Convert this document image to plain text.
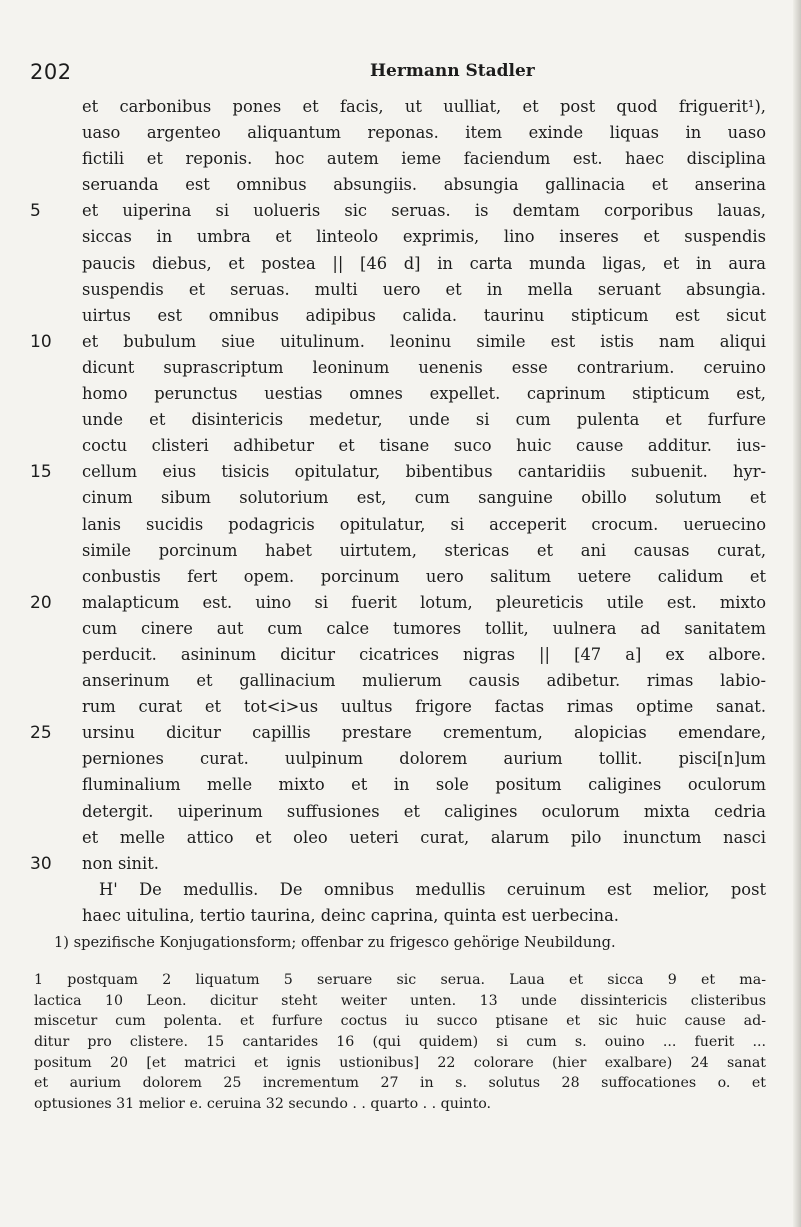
202	Hermann Stadler
et carbonibus pones et facis, ut uulliat, et post quod friguerit¹),
uaso argenteo aliquantum reponas. item exinde liquas in uaso
fictili et reponis. hoc autem ieme faciendum est. haec disciplina
seruanda est omnibus absungiis. absungia gallinacia et anserina
5	et uiperina si uolueris sic seruas. is demtam corporibus lauas,
siccas in umbra et linteolo exprimis, lino inseres et suspendis
paucis diebus, et postea || [46 d] in carta munda ligas, et in aura
suspendis et seruas. multi uero et in mella seruant absungia.
uirtus est omnibus adipibus calida. taurinu stipticum est sicut
10 et bubulum siue uitulinum. leoninu simile est istis nam aliqui
dicunt suprascriptum leoninum uenenis esse contrarium. ceruino
homo perunctus uestias omnes expellet. caprinum stipticum est,
unde et disintericis medetur, unde si cum pulenta et furfure
coctu clisteri adhibetur et tisane suco huic cause additur. ius-
15 cellum eius tisicis opitulatur, bibentibus cantaridiis subuenit. hyr-
cinum sibum solutorium est, cum sanguine obillo solutum et
lanis sucidis podagricis opitulatur, si acceperit crocum. ueruecino
simile porcinum habet uirtutem, stericas et ani causas curat,
conbustis fert opem. porcinum uero salitum uetere calidum et
20 malapticum est. uino si fuerit lotum, pleureticis utile est. mixto
cum cinere aut cum calce tumores tollit, uulnera ad sanitatem
perducit. asininum dicitur cicatrices nigras || [47 a] ex albore.
anserinum et gallinacium mulierum causis adibetur. rimas labio-
rum curat et tot<i>us uultus frigore factas rimas optime sanat.
25 ursinu dicitur capillis prestare crementum, alopicias emendare,
perniones curat. uulpinum dolorem aurium tollit. pisci[n]um
fluminalium melle mixto et in sole positum caligines oculorum
detergit. uiperinum suffusiones et caligines oculorum mixta cedria
et melle attico et oleo ueteri curat, alarum pilo inunctum nasci
30 non sinit.
H' De medullis. De omnibus medullis ceruinum est melior, post
haec uitulina, tertio taurina, deinc caprina, quinta est uerbecina.
1) spezifische Konjugationsform; offenbar zu frigesco gehörige Neubildung.
1 postquam 2 liquatum 5 seruare sic serua. Laua et sicca 9 et ma-
lactica 10 Leon. dicitur steht weiter unten. 13 unde dissintericis clisteribus
miscetur cum polenta. et furfure coctus iu succo ptisane et sic huic cause ad-
ditur pro clistere. 15 cantarides 16 (qui quidem) si cum s. ouino ... fuerit ...
positum 20 [et matrici et ignis ustionibus] 22 colorare (hier exalbare) 24 sanat
et aurium dolorem 25 incrementum 27 in s. solutus 28 suffocationes o. et
optusiones 31 melior e. ceruina 32 secundo . . quarto . . quinto.
